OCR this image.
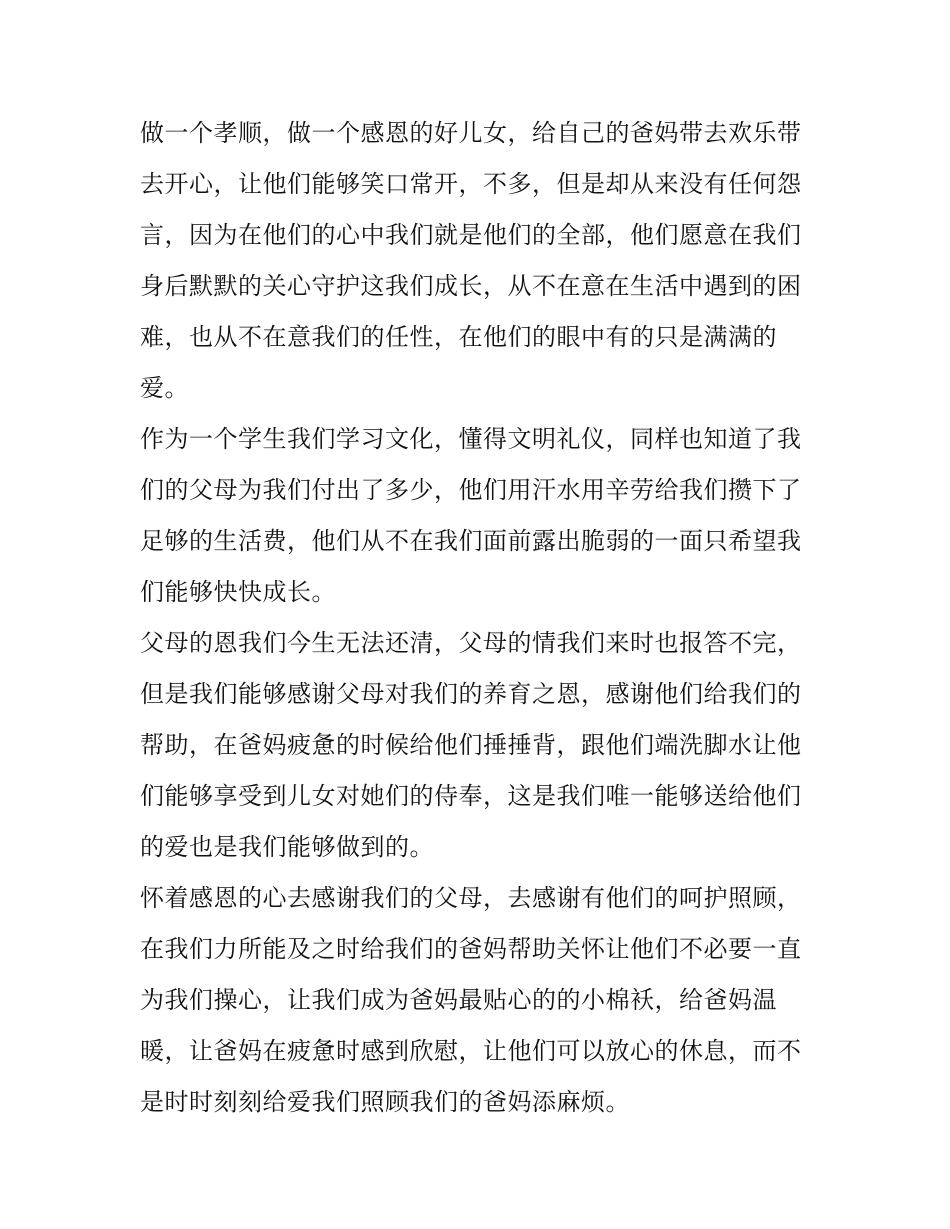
做一个孝顺，做一个感恩的好儿女，给自己的爸妈带去欢乐带
去开心，让他们能够笑口常开，不多，但是却从来没有任何怨
言，因为在他们的心中我们就是他们的全部，他们愿意在我们
身后默默的关心守护这我们成长，从不在意在生活中遇到的困
难，也从不在意我们的任性，在他们的眼中有的只是满满的
爱。
作为一个学生我们学习文化，懂得文明礼仪，同样也知道了我
们的父母为我们付出了多少，他们用汗水用辛劳给我们攒下了
足够的生活费，他们从不在我们面前露出脆弱的一面只希望我
们能够快快成长。
父母的恩我们今生无法还清，父母的情我们来时也报答不完，
但是我们能够感谢父母对我们的养育之恩，感谢他们给我们的
帮助，在爸妈疲惫的时候给他们捶捶背，跟他们端洗脚水让他
们能够享受到儿女对她们的侍奉，这是我们唯一能够送给他们
的爱也是我们能够做到的。
怀着感恩的心去感谢我们的父母，去感谢有他们的呵护照顾，
在我们力所能及之时给我们的爸妈帮助关怀让他们不必要一直
为我们操心，让我们成为爸妈最贴心的的小棉袄，给爸妈温
暖，让爸妈在疲惫时感到欣慰，让他们可以放心的休息，而不
是时时刻刻给爱我们照顾我们的爸妈添麻烦。
